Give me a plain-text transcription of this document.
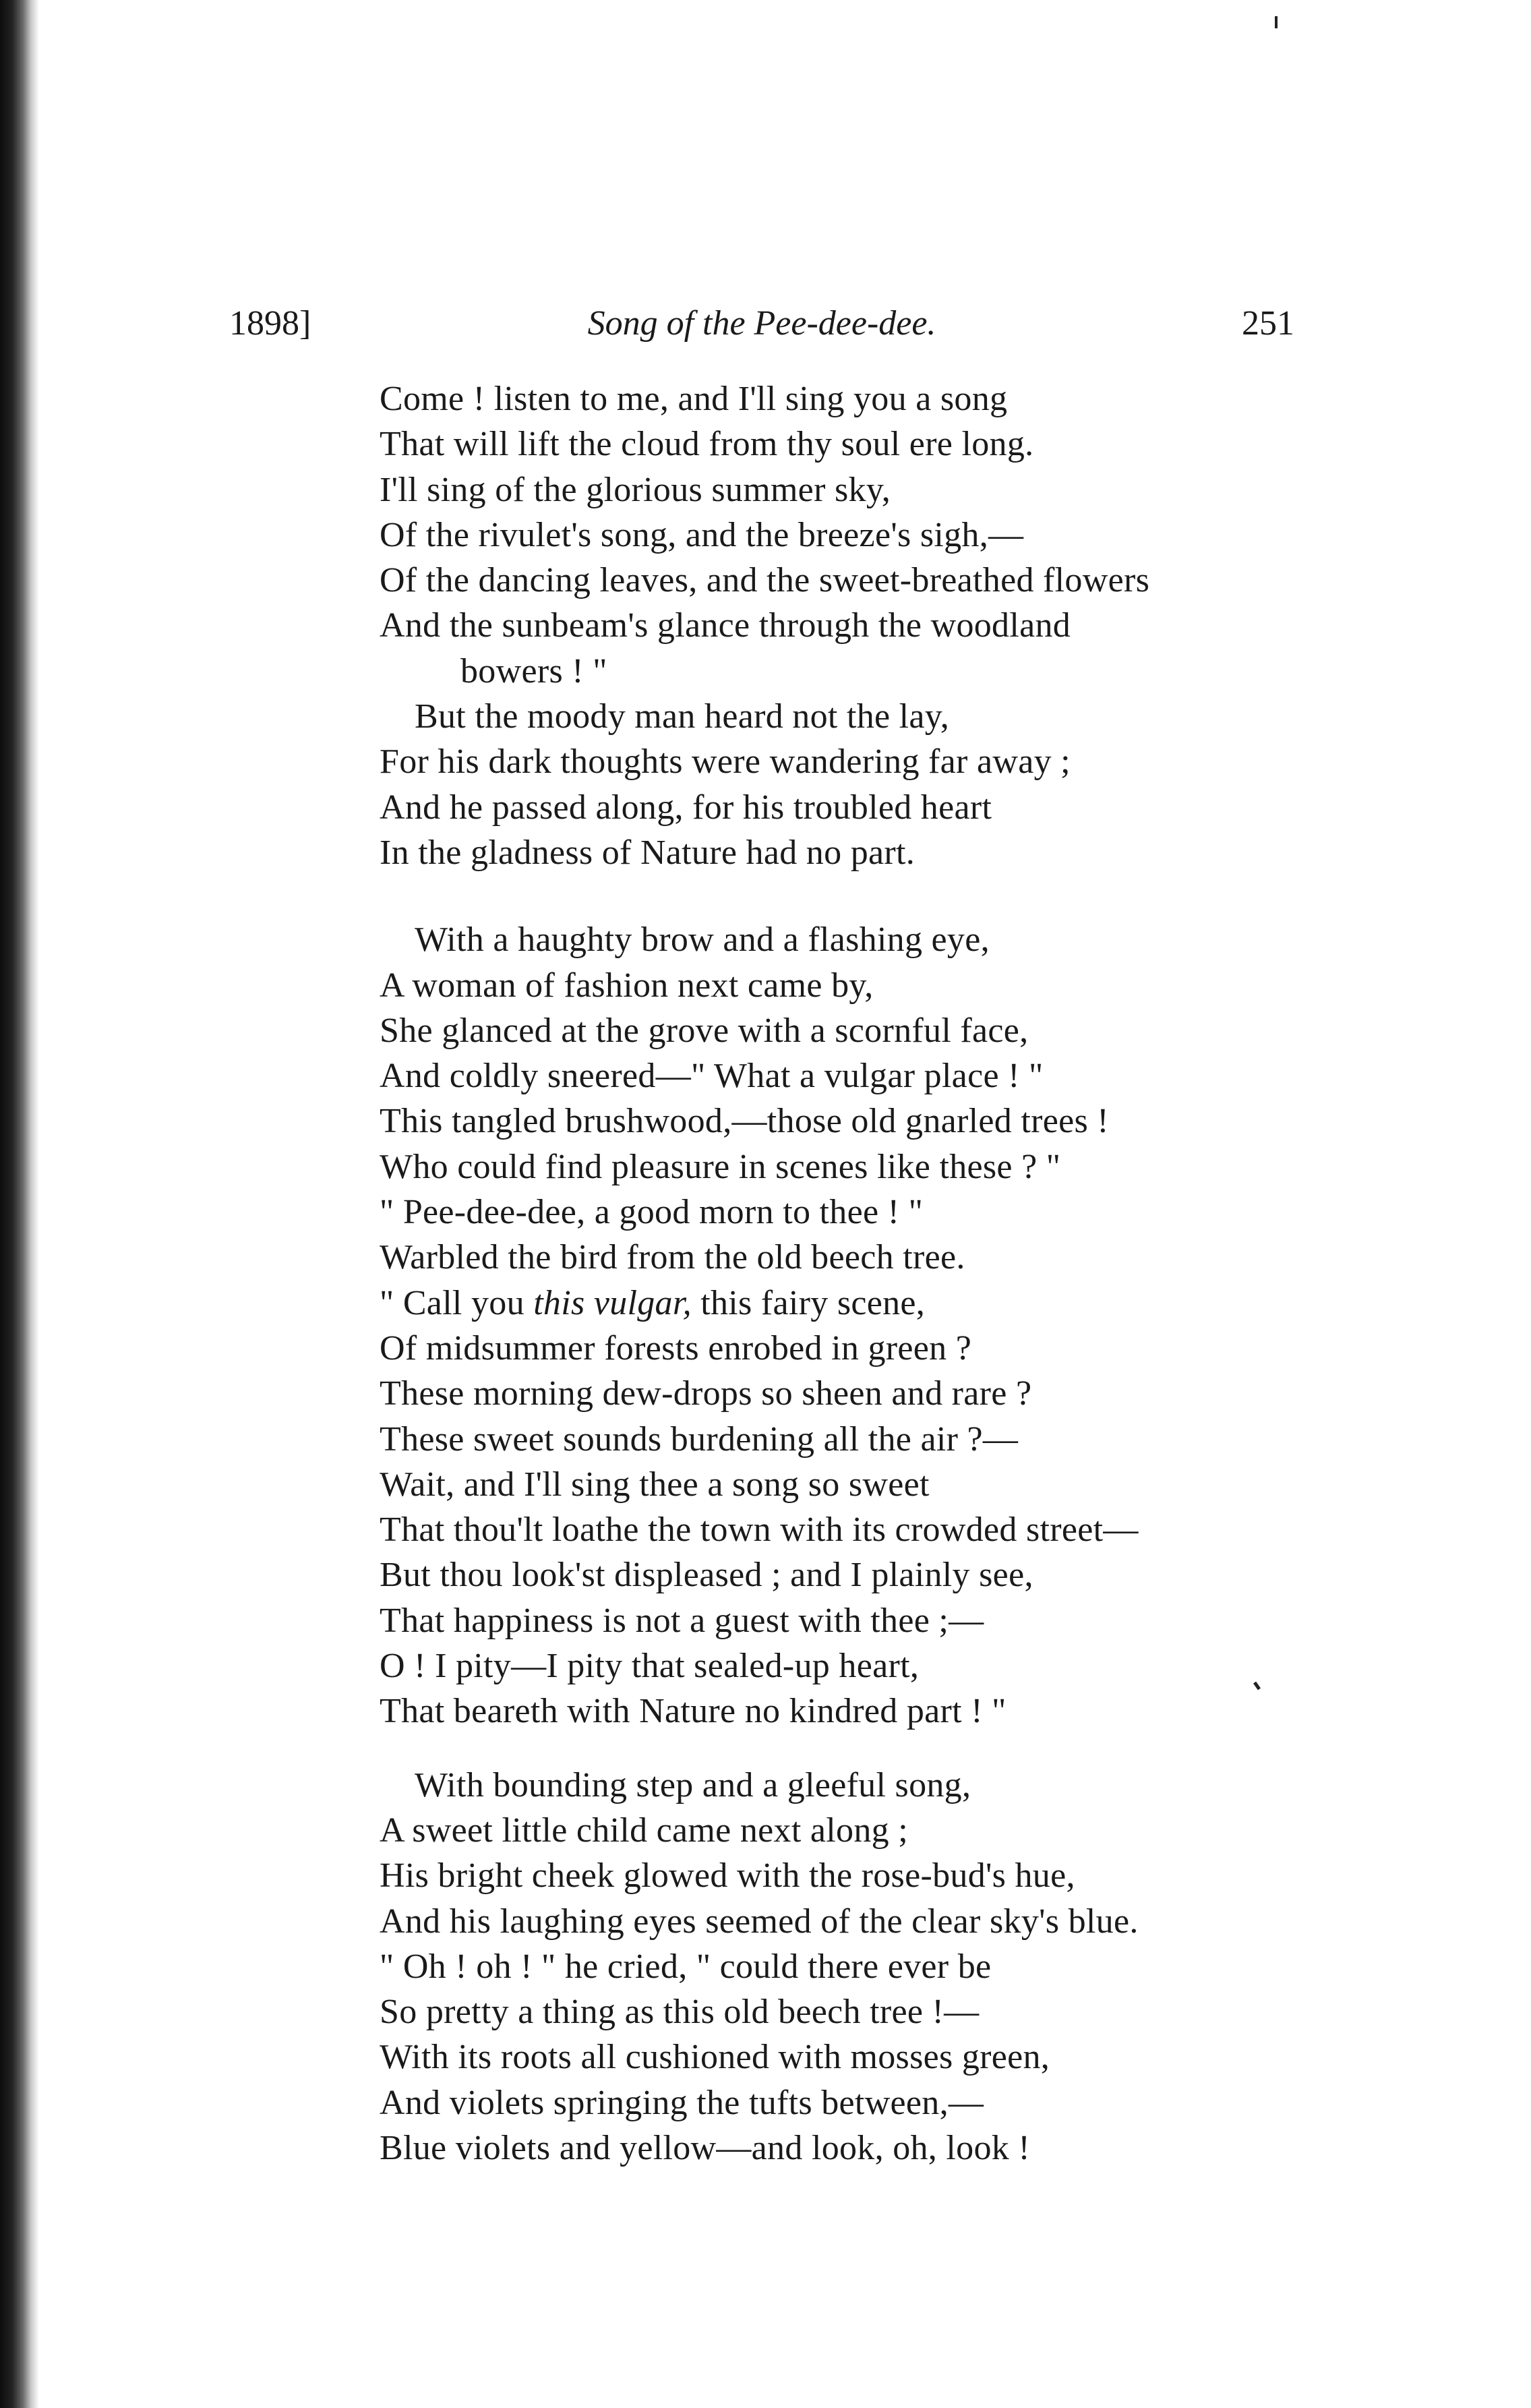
1898]	Song of the Pee-dee-dee.	251
Come ! listen to me, and I'll sing you a song
That will lift the cloud from thy soul ere long.
I'll sing of the glorious summer sky,
Of the rivulet's song, and the breeze's sigh,—
Of the dancing leaves, and the sweet-breathed flowers
And the sunbeam's glance through the woodland
bowers ! "
But the moody man heard not the lay,
For his dark thoughts were wandering far away ;
And he passed along, for his troubled heart
In the gladness of Nature had no part.
With a haughty brow and a flashing eye,
A woman of fashion next came by,
She glanced at the grove with a scornful face,
And coldly sneered—" What a vulgar place ! "
This tangled brushwood,—those old gnarled trees !
Who could find pleasure in scenes like these ? "
" Pee-dee-dee, a good morn to thee ! "
Warbled the bird from the old beech tree.
" Call you this vulgar, this fairy scene,
Of midsummer forests enrobed in green ?
These morning dew-drops so sheen and rare ?
These sweet sounds burdening all the air ?—
Wait, and I'll sing thee a song so sweet
That thou'lt loathe the town with its crowded street—
But thou look'st displeased ; and I plainly see,
That happiness is not a guest with thee ;—
O ! I pity—I pity that sealed-up heart,
That beareth with Nature no kindred part ! "
With bounding step and a gleeful song,
A sweet little child came next along ;
His bright cheek glowed with the rose-bud's hue,
And his laughing eyes seemed of the clear sky's blue.
" Oh ! oh ! " he cried, " could there ever be
So pretty a thing as this old beech tree !—
With its roots all cushioned with mosses green,
And violets springing the tufts between,—
Blue violets and yellow—and look, oh, look !
